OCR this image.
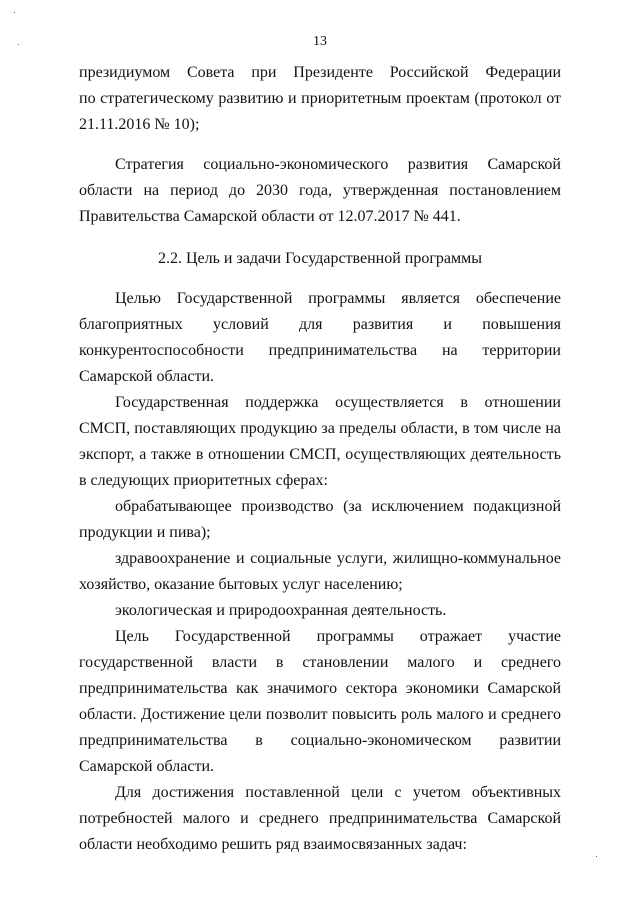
13

президиумом Совета при Президенте Российской Федерации

по стратегическому развитию и приоритетным проектам (протокол от 21.11.2016 № 10);

Стратегия социально-экономического развития Самарской области на период до 2030 года, утвержденная постановлением Правительства Самарской области от 12.07.2017 № 441.

2.2. Цель и задачи Государственной программы

Целью Государственной программы является обеспечение благоприятных условий для развития и повышения конкурентоспособности предпринимательства на территории Самарской области.

Государственная поддержка осуществляется в отношении СМСП, поставляющих продукцию за пределы области, в том числе на экспорт, а также в отношении СМСП, осуществляющих деятельность в следующих приоритетных сферах:

обрабатывающее производство (за исключением подакцизной продукции и пива);

здравоохранение и социальные услуги, жилищно-коммунальное хозяйство, оказание бытовых услуг населению;

экологическая и природоохранная деятельность.

Цель Государственной программы отражает участие государственной власти в становлении малого и среднего предпринимательства как значимого сектора экономики Самарской области. Достижение цели позволит повысить роль малого и среднего предпринимательства в социально-экономическом развитии Самарской области.

Для достижения поставленной цели с учетом объективных потребностей малого и среднего предпринимательства Самарской области необходимо решить ряд взаимосвязанных задач:
